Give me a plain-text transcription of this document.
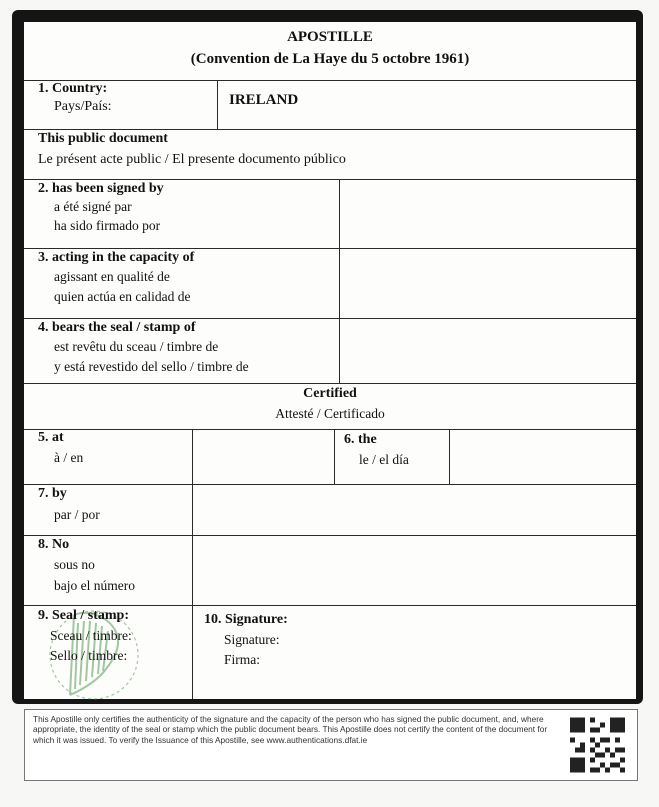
APOSTILLE
(Convention de La Haye du 5 octobre 1961)
1. Country:
Pays/País:	IRELAND
This public document
Le présent acte public / El presente documento público
2. has been signed by
a été signé par
ha sido firmado por
3. acting in the capacity of
agissant en qualité de
quien actúa en calidad de
4. bears the seal / stamp of
est revêtu du sceau / timbre de
y está revestido del sello / timbre de
Certified
Attesté / Certificado
5. at
à / en
6. the
le / el día
7. by
par / por
8. No
sous no
bajo el número
9. Seal / stamp:
Sceau / timbre:
Sello / timbre:
10. Signature:
Signature:
Firma:
This Apostille only certifies the authenticity of the signature and the capacity of the person who has signed the public document, and, where appropriate, the identity of the seal or stamp which the public document bears. This Apostille does not certify the content of the document for which it was issued. To verify the Issuance of this Apostille, see www.authentications.dfat.ie
